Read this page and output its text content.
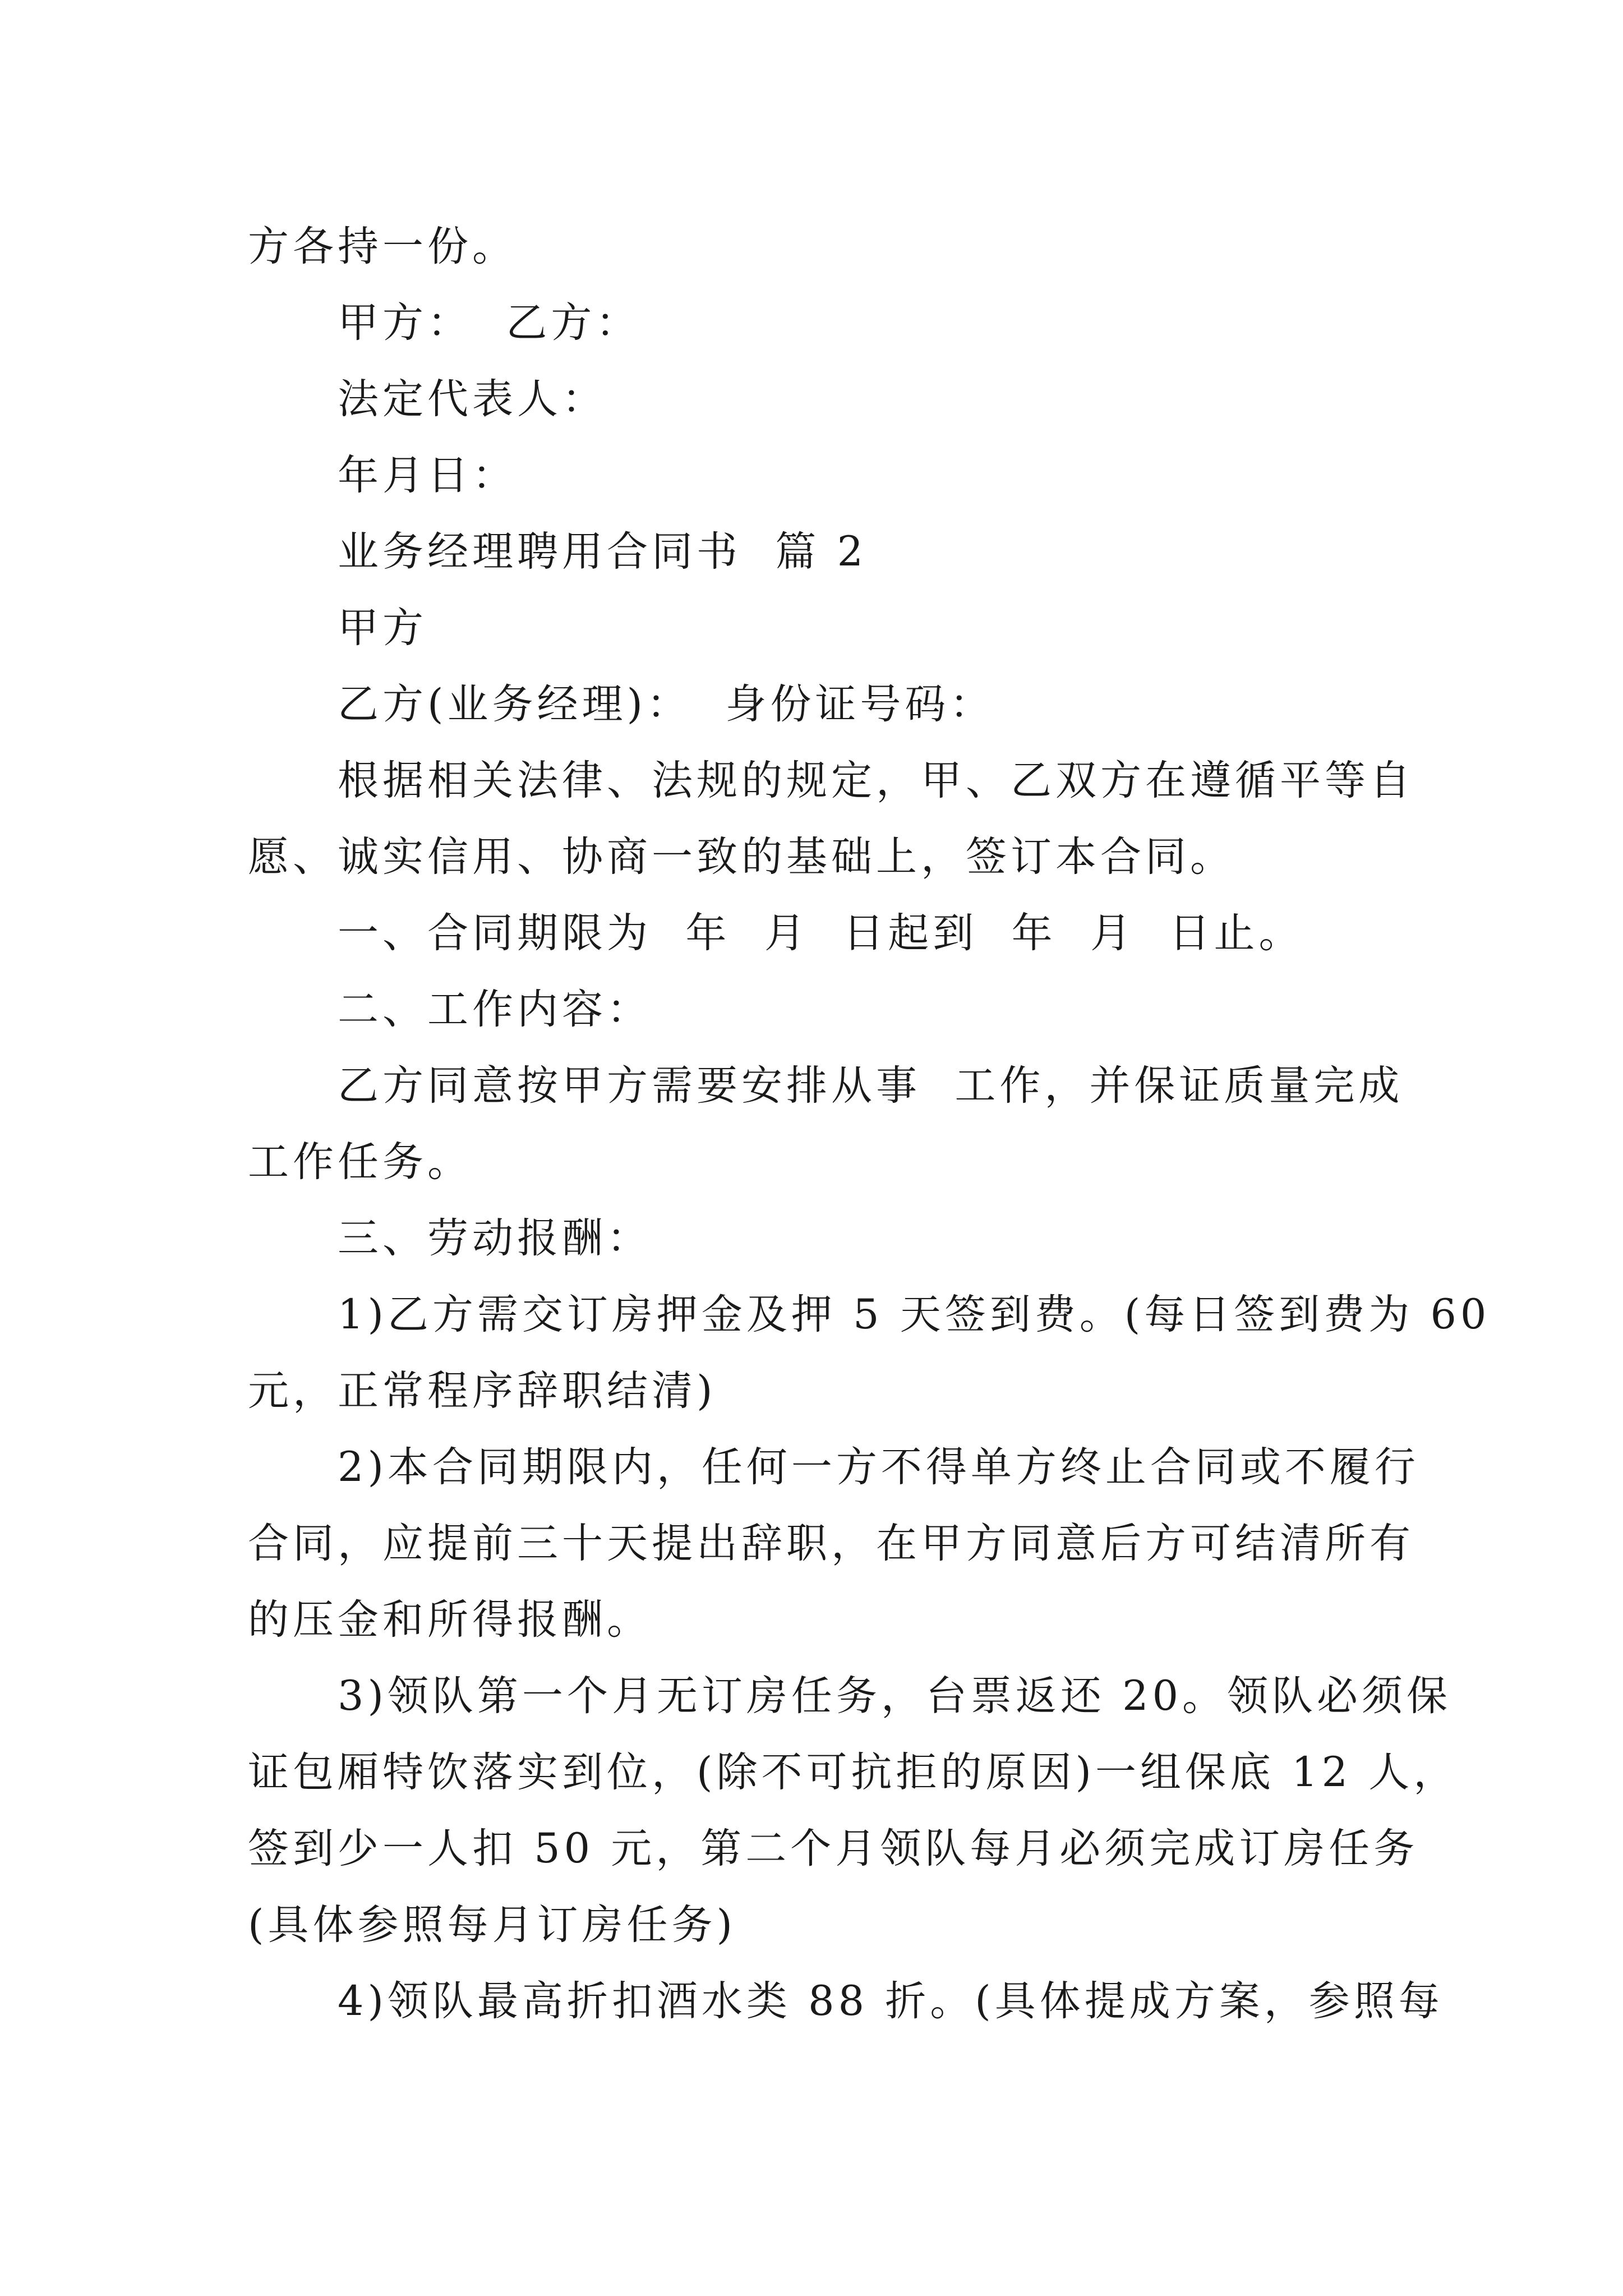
方各持一份。
甲方：  乙方：
法定代表人：
年月日：
业务经理聘用合同书  篇 2
甲方
乙方(业务经理)：  身份证号码：
根据相关法律、法规的规定，甲、乙双方在遵循平等自
愿、诚实信用、协商一致的基础上，签订本合同。
一、合同期限为  年  月  日起到  年  月  日止。
二、工作内容：
乙方同意按甲方需要安排从事  工作，并保证质量完成
工作任务。
三、劳动报酬：
1)乙方需交订房押金及押 5 天签到费。(每日签到费为 60
元，正常程序辞职结清)
2)本合同期限内，任何一方不得单方终止合同或不履行
合同，应提前三十天提出辞职，在甲方同意后方可结清所有
的压金和所得报酬。
3)领队第一个月无订房任务，台票返还 20。领队必须保
证包厢特饮落实到位，(除不可抗拒的原因)一组保底 12 人，
签到少一人扣 50 元，第二个月领队每月必须完成订房任务
(具体参照每月订房任务)
4)领队最高折扣酒水类 88 折。(具体提成方案，参照每
